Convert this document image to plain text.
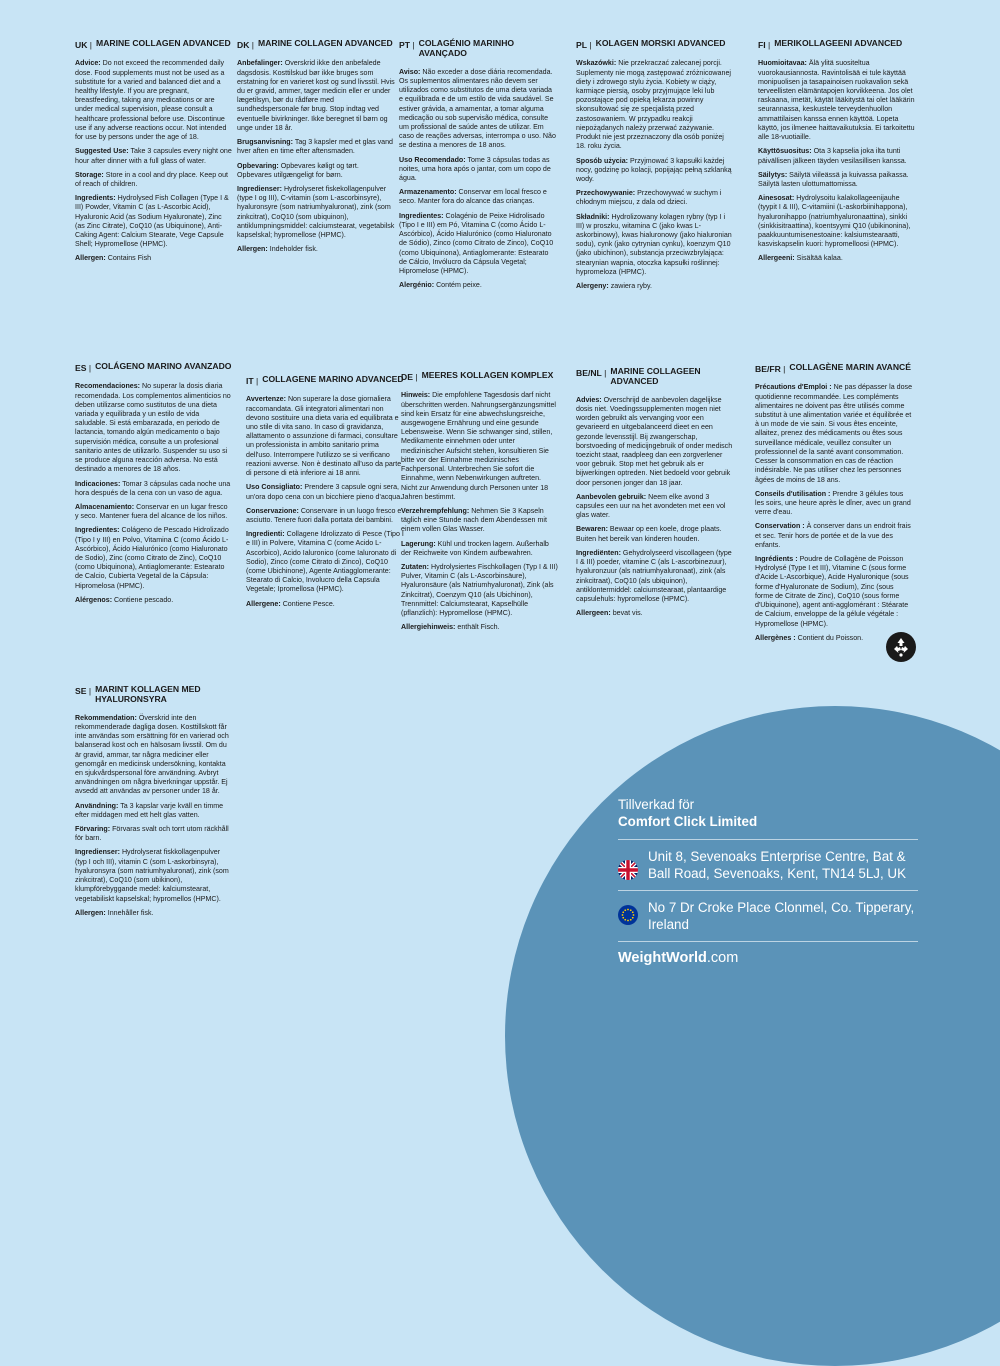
UK |	MARINE COLLAGEN ADVANCED

Advice: Do not exceed the recommended daily dose. Food supplements must not be used as a substitute for a varied and balanced diet and a healthy lifestyle. If you are pregnant, breastfeeding, taking any medications or are under medical supervision, please consult a healthcare professional before use. Discontinue use if any adverse reactions occur. Not intended for use by persons under the age of 18.

Suggested Use: Take 3 capsules every night one hour after dinner with a full glass of water.

Storage: Store in a cool and dry place. Keep out of reach of children.

Ingredients: Hydrolysed Fish Collagen (Type I & III) Powder, Vitamin C (as L-Ascorbic Acid), Hyaluronic Acid (as Sodium Hyaluronate), Zinc (as Zinc Citrate), CoQ10 (as Ubiquinone), Anti-Caking Agent: Calcium Stearate, Vege Capsule Shell; Hypromellose (HPMC).

Allergen: Contains Fish

DK |	MARINE COLLAGEN ADVANCED

Anbefalinger: Overskrid ikke den anbefalede dagsdosis. Kosttilskud bør ikke bruges som erstatning for en varieret kost og sund livsstil. Hvis du er gravid, ammer, tager medicin eller er under lægetilsyn, bør du rådføre med sundhedspersonale før brug. Stop indtag ved eventuelle bivirkninger. Ikke beregnet til børn og unge under 18 år.

Brugsanvisning: Tag 3 kapsler med et glas vand hver aften en time efter aftensmaden.

Opbevaring: Opbevares køligt og tørt. Opbevares utilgængeligt for børn.

Ingredienser: Hydrolyseret fiskekollagenpulver (type I og III), C-vitamin (som L-ascorbinsyre), hyaluronsyre (som natriumhyaluronat), zink (som zinkcitrat), CoQ10 (som ubiquinon), antiklumpningsmiddel: calciumstearat, vegetabilsk kapselskal; hypromellose (HPMC).

Allergen: Indeholder fisk.

PT |	COLAGÉNIO MARINHO AVANÇADO

Aviso: Não exceder a dose diária recomendada. Os suplementos alimentares não devem ser utilizados como substitutos de uma dieta variada e equilibrada e de um estilo de vida saudável. Se estiver grávida, a amamentar, a tomar alguma medicação ou sob supervisão médica, consulte um profissional de saúde antes de utilizar. Em caso de reações adversas, interrompa o uso. Não se destina a menores de 18 anos.

Uso Recomendado: Tome 3 cápsulas todas as noites, uma hora após o jantar, com um copo de água.

Armazenamento: Conservar em local fresco e seco. Manter fora do alcance das crianças.

Ingredientes: Colagénio de Peixe Hidrolisado (Tipo I e III) em Pó, Vitamina C (como Ácido L-Ascórbico), Ácido Hialurónico (como Hialuronato de Sódio), Zinco (como Citrato de Zinco), CoQ10 (como Ubiquinona), Antiaglomerante: Estearato de Cálcio, Invólucro da Cápsula Vegetal; Hipromelose (HPMC).

Alergénio: Contém peixe.

PL |	KOLAGEN MORSKI ADVANCED

Wskazówki: Nie przekraczać zalecanej porcji. Suplementy nie mogą zastępować zróżnicowanej diety i zdrowego stylu życia. Kobiety w ciąży, karmiące piersią, osoby przyjmujące leki lub pozostające pod opieką lekarza powinny skonsultować się ze specjalistą przed zastosowaniem. W przypadku reakcji niepożądanych należy przerwać zażywanie. Produkt nie jest przeznaczony dla osób poniżej 18. roku życia.

Sposób użycia: Przyjmować 3 kapsułki każdej nocy, godzinę po kolacji, popijając pełną szklanką wody.

Przechowywanie: Przechowywać w suchym i chłodnym miejscu, z dala od dzieci.

Składniki: Hydrolizowany kolagen rybny (typ I i III) w proszku, witamina C (jako kwas L-askorbinowy), kwas hialuronowy (jako hialuronian sodu), cynk (jako cytrynian cynku), koenzym Q10 (jako ubichinon), substancja przeciwzbrylająca: stearynian wapnia, otoczka kapsułki roślinnej: hypromeloza (HPMC).

Alergeny: zawiera ryby.

FI |	MERIKOLLAGEENI ADVANCED

Huomioitavaa: Älä ylitä suositeltua vuorokausiannosta. Ravintolisää ei tule käyttää monipuolisen ja tasapainoisen ruokavalion sekä terveellisten elämäntapojen korvikkeena. Jos olet raskaana, imetät, käytät lääkitystä tai olet lääkärin seurannassa, keskustele terveydenhuollon ammattilaisen kanssa ennen käyttöä. Lopeta käyttö, jos ilmenee haittavaikutuksia. Ei tarkoitettu alle 18-vuotiaille.

Käyttösuositus: Ota 3 kapselia joka ilta tunti päivällisen jälkeen täyden vesilasillisen kanssa.

Säilytys: Säilytä viileässä ja kuivassa paikassa. Säilytä lasten ulottumattomissa.

Ainesosat: Hydrolysoitu kalakollageenijauhe (tyypit I & III), C-vitamiini (L-askorbiinihappona), hyaluronihappo (natriumhyaluronaattina), sinkki (sinkkisitraattina), koentsyymi Q10 (ubikinonina), paakkuuntumisenestoaine: kalsiumstearaatti, kasviskapselin kuori: hypromelloosi (HPMC).

Allergeeni: Sisältää kalaa.

ES |	COLÁGENO MARINO AVANZADO

Recomendaciones: No superar la dosis diaria recomendada. Los complementos alimenticios no deben utilizarse como sustitutos de una dieta variada y equilibrada y un estilo de vida saludable. Si está embarazada, en periodo de lactancia, tomando algún medicamento o bajo supervisión médica, consulte a un profesional sanitario antes de utilizarlo. Suspender su uso si se produce alguna reacción adversa. No está destinado a menores de 18 años.

Indicaciones: Tomar 3 cápsulas cada noche una hora después de la cena con un vaso de agua.

Almacenamiento: Conservar en un lugar fresco y seco. Mantener fuera del alcance de los niños.

Ingredientes: Colágeno de Pescado Hidrolizado (Tipo I y III) en Polvo, Vitamina C (como Ácido L-Ascórbico), Ácido Hialurónico (como Hialuronato de Sodio), Zinc (como Citrato de Zinc), CoQ10 (como Ubiquinona), Antiaglomerante: Estearato de Calcio, Cubierta Vegetal de la Cápsula: Hipromelosa (HPMC).

Alérgenos: Contiene pescado.

IT |	COLLAGENE MARINO ADVANCED

Avvertenze: Non superare la dose giornaliera raccomandata. Gli integratori alimentari non devono sostituire una dieta varia ed equilibrata e uno stile di vita sano. In caso di gravidanza, allattamento o assunzione di farmaci, consultare un professionista in ambito sanitario prima dell'uso. Interrompere l'utilizzo se si verificano reazioni avverse. Non è destinato all'uso da parte di persone di età inferiore ai 18 anni.

Uso Consigliato: Prendere 3 capsule ogni sera, un'ora dopo cena con un bicchiere pieno d'acqua.

Conservazione: Conservare in un luogo fresco e asciutto. Tenere fuori dalla portata dei bambini.

Ingredienti: Collagene Idrolizzato di Pesce (Tipo I e III) in Polvere, Vitamina C (come Acido L-Ascorbico), Acido Ialuronico (come Ialuronato di Sodio), Zinco (come Citrato di Zinco), CoQ10 (come Ubichinone), Agente Antiagglomerante: Stearato di Calcio, Involucro della Capsula Vegetale; Ipromellosa (HPMC).

Allergene: Contiene Pesce.

DE |	MEERES KOLLAGEN KOMPLEX

Hinweis: Die empfohlene Tagesdosis darf nicht überschritten werden. Nahrungsergänzungsmittel sind kein Ersatz für eine abwechslungsreiche, ausgewogene Ernährung und eine gesunde Lebensweise. Wenn Sie schwanger sind, stillen, Medikamente einnehmen oder unter medizinischer Aufsicht stehen, konsultieren Sie bitte vor der Einnahme medizinisches Fachpersonal. Unterbrechen Sie sofort die Einnahme, wenn Nebenwirkungen auftreten. Nicht zur Anwendung durch Personen unter 18 Jahren bestimmt.

Verzehrempfehlung: Nehmen Sie 3 Kapseln täglich eine Stunde nach dem Abendessen mit einem vollen Glas Wasser.

Lagerung: Kühl und trocken lagern. Außerhalb der Reichweite von Kindern aufbewahren.

Zutaten: Hydrolysiertes Fischkollagen (Typ I & III) Pulver, Vitamin C (als L-Ascorbinsäure), Hyaluronsäure (als Natriumhyaluronat), Zink (als Zinkcitrat), Coenzym Q10 (als Ubichinon), Trennmittel: Calciumstearat, Kapselhülle (pflanzlich): Hypromellose (HPMC).

Allergiehinweis: enthält Fisch.

BE/NL |	MARINE COLLAGEEN ADVANCED

Advies: Overschrijd de aanbevolen dagelijkse dosis niet. Voedingssupplementen mogen niet worden gebruikt als vervanging voor een gevarieerd en uitgebalanceerd dieet en een gezonde levensstijl. Bij zwangerschap, borstvoeding of medicijngebruik of onder medisch toezicht staat, raadpleeg dan een zorgverlener voor gebruik. Stop met het gebruik als er bijwerkingen optreden. Niet bedoeld voor gebruik door personen jonger dan 18 jaar.

Aanbevolen gebruik: Neem elke avond 3 capsules een uur na het avondeten met een vol glas water.

Bewaren: Bewaar op een koele, droge plaats. Buiten het bereik van kinderen houden.

Ingrediënten: Gehydrolyseerd viscollageen (type I & III) poeder, vitamine C (als L-ascorbinezuur), hyaluronzuur (als natriumhyaluronaat), zink (als zinkcitraat), CoQ10 (als ubiquinon), antiklontermiddel: calciumstearaat, plantaardige capsulehuls: hypromellose (HPMC).

Allergeen: bevat vis.

BE/FR |	COLLAGÈNE MARIN AVANCÉ

Précautions d'Emploi : Ne pas dépasser la dose quotidienne recommandée. Les compléments alimentaires ne doivent pas être utilisés comme substitut à une alimentation variée et équilibrée et à un mode de vie sain. Si vous êtes enceinte, allaitez, prenez des médicaments ou êtes sous surveillance médicale, veuillez consulter un professionnel de la santé avant consommation. Cesser la consommation en cas de réaction indésirable. Ne pas utiliser chez les personnes âgées de moins de 18 ans.

Conseils d'utilisation : Prendre 3 gélules tous les soirs, une heure après le dîner, avec un grand verre d'eau.

Conservation : À conserver dans un endroit frais et sec. Tenir hors de portée et de la vue des enfants.

Ingrédients : Poudre de Collagène de Poisson Hydrolysé (Type I et III), Vitamine C (sous forme d'Acide L-Ascorbique), Acide Hyaluronique (sous forme d'Hyaluronate de Sodium), Zinc (sous forme de Citrate de Zinc), CoQ10 (sous forme d'Ubiquinone), agent anti-agglomérant : Stéarate de Calcium, enveloppe de la gélule végétale : Hypromellose (HPMC).

Allergènes : Contient du Poisson.

SE |	MARINT KOLLAGEN MED HYALURONSYRA

Rekommendation: Överskrid inte den rekommenderade dagliga dosen. Kosttillskott får inte användas som ersättning för en varierad och balanserad kost och en hälsosam livsstil. Om du är gravid, ammar, tar några mediciner eller genomgår en medicinsk undersökning, kontakta en sjukvårdspersonal före användning. Avbryt användningen om några biverkningar uppstår. Ej avsedd att användas av personer under 18 år.

Användning: Ta 3 kapslar varje kväll en timme efter middagen med ett helt glas vatten.

Förvaring: Förvaras svalt och torrt utom räckhåll för barn.

Ingredienser: Hydrolyserat fiskkollagenpulver (typ I och III), vitamin C (som L-askorbinsyra), hyaluronsyra (som natriumhyaluronat), zink (som zinkcitrat), CoQ10 (som ubikinon), klumpförebyggande medel: kalciumstearat, vegetabiliskt kapselskal; hypromellos (HPMC).

Allergen: Innehåller fisk.

Tillverkad för
Comfort Click Limited
Unit 8, Sevenoaks Enterprise Centre, Bat & Ball Road, Sevenoaks, Kent, TN14 5LJ, UK
No 7 Dr Croke Place Clonmel, Co. Tipperary, Ireland
WeightWorld.com
